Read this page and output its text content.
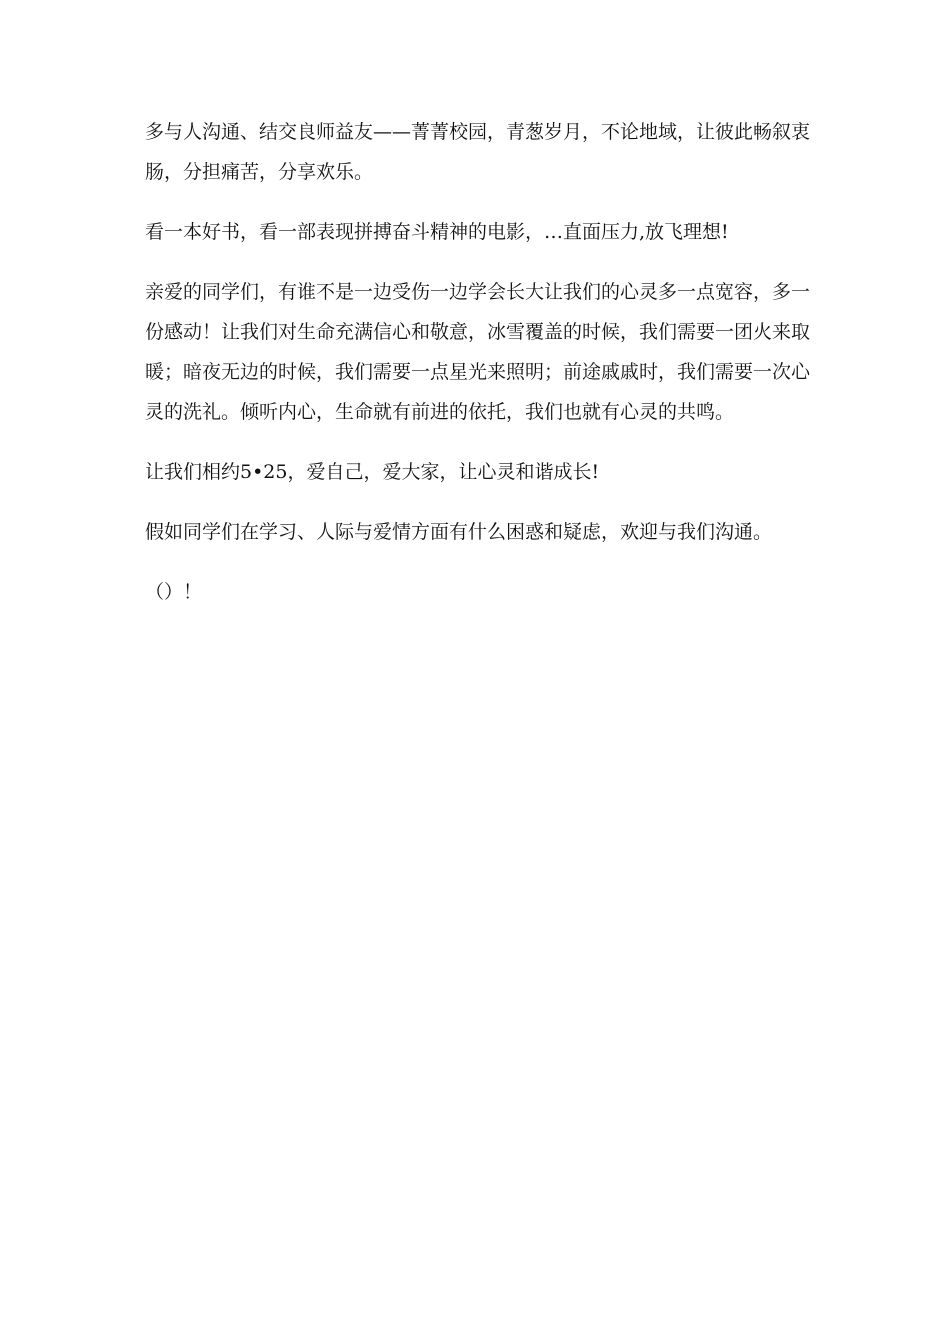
多与人沟通、结交良师益友——菁菁校园，青葱岁月，不论地域，让彼此畅叙衷肠，分担痛苦，分享欢乐。

看一本好书，看一部表现拼搏奋斗精神的电影，…直面压力,放飞理想!

亲爱的同学们，有谁不是一边受伤一边学会长大让我们的心灵多一点宽容，多一份感动！让我们对生命充满信心和敬意，冰雪覆盖的时候，我们需要一团火来取暖；暗夜无边的时候，我们需要一点星光来照明；前途戚戚时，我们需要一次心灵的洗礼。倾听内心，生命就有前进的依托，我们也就有心灵的共鸣。

让我们相约5•25，爱自己，爱大家，让心灵和谐成长!

假如同学们在学习、人际与爱情方面有什么困惑和疑虑，欢迎与我们沟通。

（）！
